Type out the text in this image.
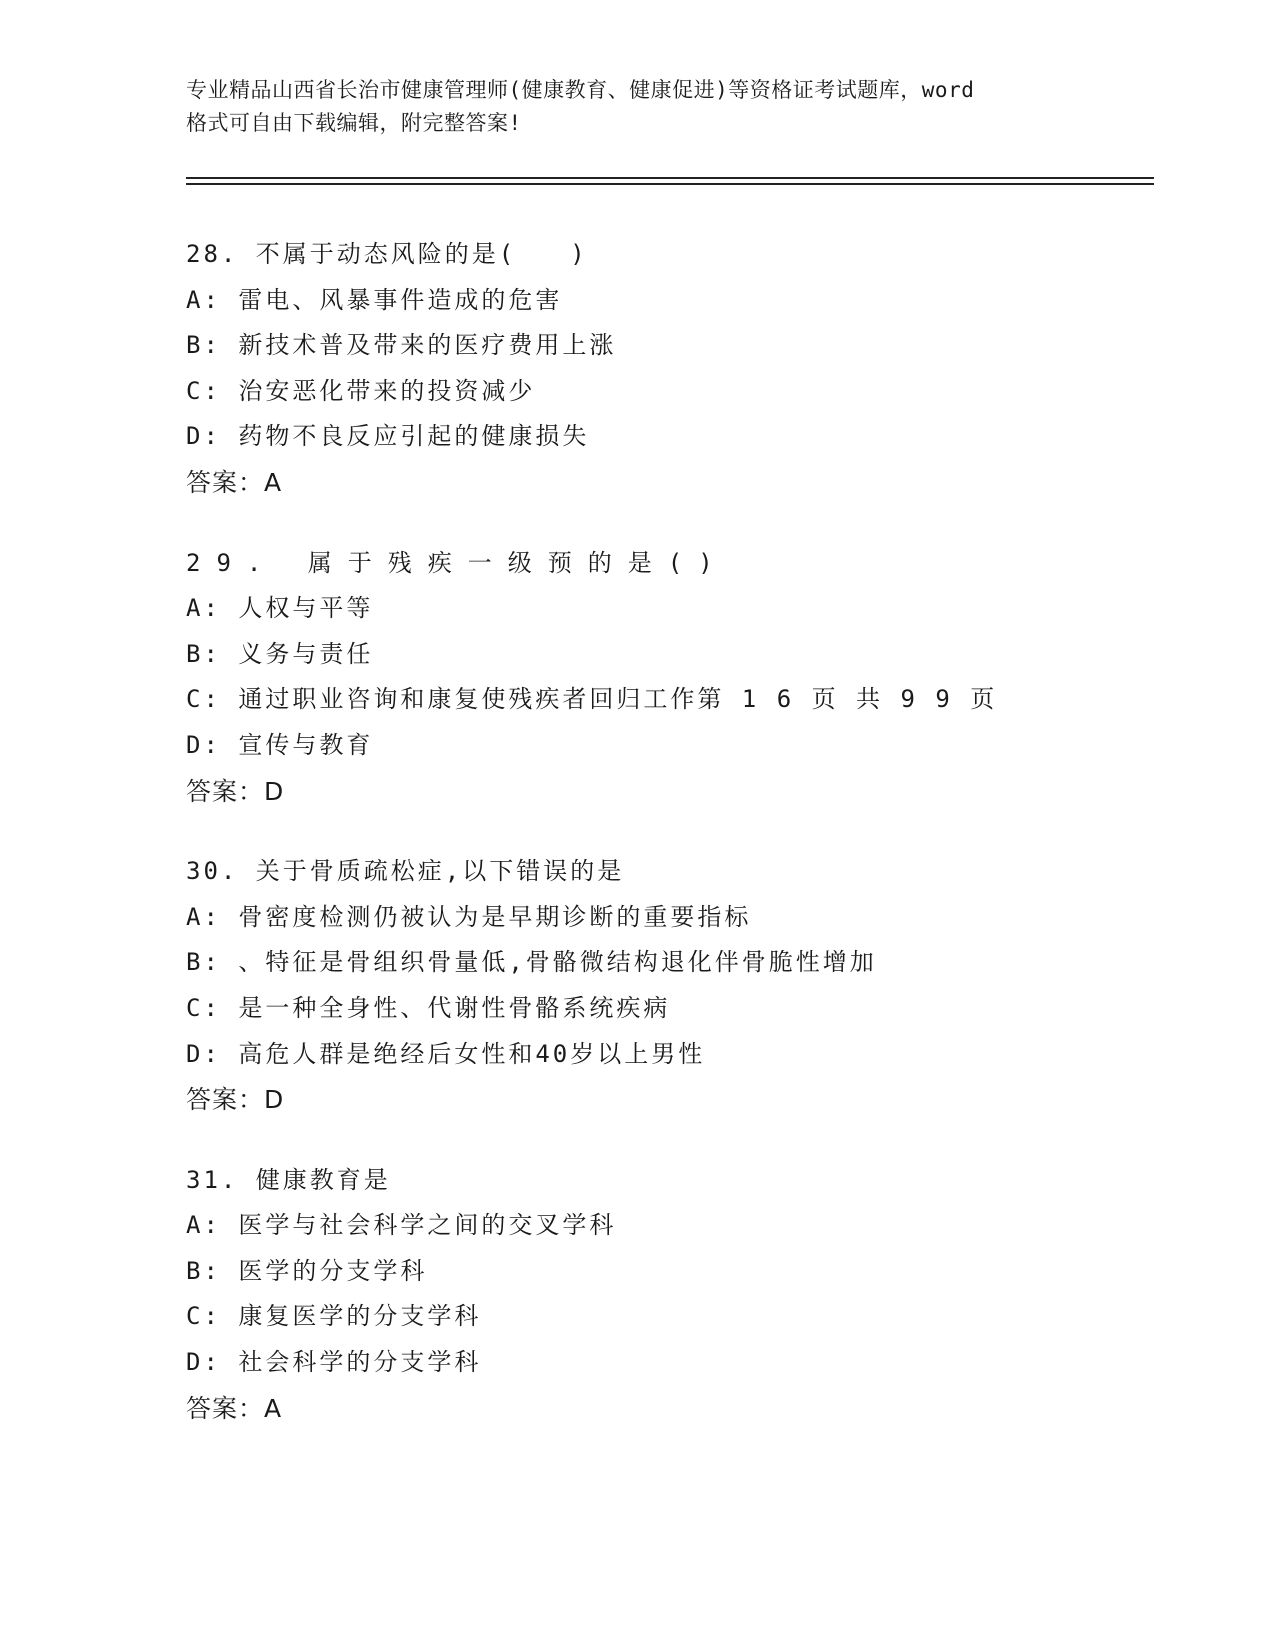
专业精品山西省长治市健康管理师(健康教育、健康促进)等资格证考试题库，word
格式可自由下载编辑，附完整答案!
28. 不属于动态风险的是(　　)
A: 雷电、风暴事件造成的危害
B: 新技术普及带来的医疗费用上涨
C: 治安恶化带来的投资减少
D: 药物不良反应引起的健康损失
答案：A
29. 属于残疾一级预的是()
A: 人权与平等
B: 义务与责任
C: 通过职业咨询和康复使残疾者回归工作第 1 6 页 共 9 9 页
D: 宣传与教育
答案：D
30. 关于骨质疏松症,以下错误的是
A: 骨密度检测仍被认为是早期诊断的重要指标
B: 、特征是骨组织骨量低,骨骼微结构退化伴骨脆性增加
C: 是一种全身性、代谢性骨骼系统疾病
D: 高危人群是绝经后女性和40岁以上男性
答案：D
31. 健康教育是
A: 医学与社会科学之间的交叉学科
B: 医学的分支学科
C: 康复医学的分支学科
D: 社会科学的分支学科
答案：A
